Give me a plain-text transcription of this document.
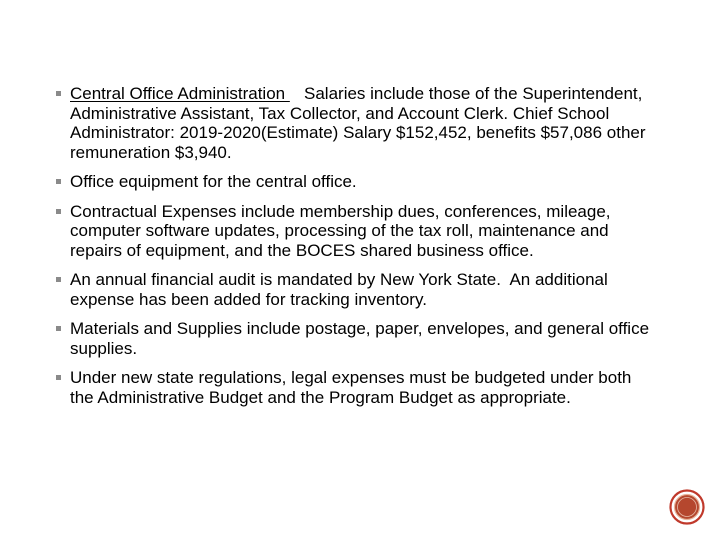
Central Office Administration    Salaries include those of the Superintendent, Administrative Assistant, Tax Collector, and Account Clerk. Chief School Administrator: 2019-2020(Estimate) Salary $152,452, benefits $57,086 other remuneration $3,940.
Office equipment for the central office.
Contractual Expenses include membership dues, conferences, mileage, computer software updates, processing of the tax roll, maintenance and repairs of equipment, and the BOCES shared business office.
An annual financial audit is mandated by New York State.  An additional expense has been added for tracking inventory.
Materials and Supplies include postage, paper, envelopes, and general office supplies.
Under new state regulations, legal expenses must be budgeted under both the Administrative Budget and the Program Budget as appropriate.
